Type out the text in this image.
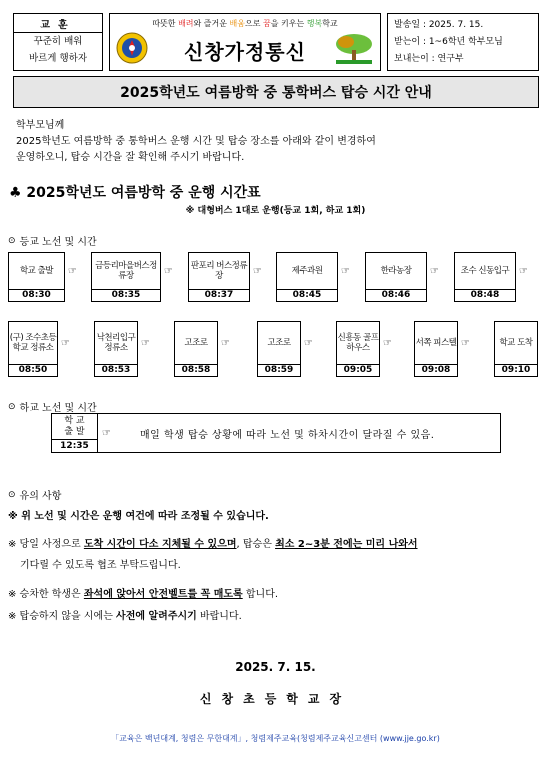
교훈
꾸준히 배워
바르게 행하자
따뜻한 배려와 즐거운 배움으로 꿈을 키우는 행복학교
신창가정통신
발송일 : 2025. 7. 15.
받는이 : 1~6학년 학부모님
보내는이 : 연구부
2025학년도 여름방학 중 통학버스 탑승 시간 안내
학부모님께
2025학년도 여름방학 중 통학버스 운행 시간 및 탑승 장소를 아래와 같이 변경하여
운영하오니, 탑승 시간을 잘 확인해 주시기 바랍니다.
♣ 2025학년도 여름방학 중 운행 시간표
※ 대형버스 1대로 운행(등교 1회, 하교 1회)
⊙ 등교 노선 및 시간
학교 출발
08:30
☞	금등리마을버스정류장
08:35
☞ 판포리 버스정류장
08:37
☞	제주과원
08:45
☞	한라농장
08:46
☞	조수 신동입구
08:48
☞
(구) 조수초등학교 정류소
08:50
☞	낙천리입구 정류소
08:53
☞	고조로
08:58
☞	고조로
08:59
☞	신흥동 골프하우스
09:05
☞	서쪽 피스텔
09:08
☞	학교 도착
09:10
⊙ 하교 노선 및 시간
학 교
출 발
12:35
☞	매일 학생 탑승 상황에 따라 노선 및 하차시간이 달라질 수 있음.
⊙ 유의 사항
※ 위 노선 및 시간은 운행 여건에 따라 조정될 수 있습니다.
※ 당일 사정으로 도착 시간이 다소 지체될 수 있으며, 탑승은 최소 2~3분 전에는 미리 나와서
기다릴 수 있도록 협조 부탁드립니다.
※ 승차한 학생은 좌석에 앉아서 안전벨트를 꼭 매도록 합니다.
※ 탑승하지 않을 시에는 사전에 알려주시기 바랍니다.
2025. 7. 15.
신창초등학교장
「교육은 백년대계, 청렴은 무한대계」, 청렴제주교육(청렴제주교육신고센터 (www.jje.go.kr)
